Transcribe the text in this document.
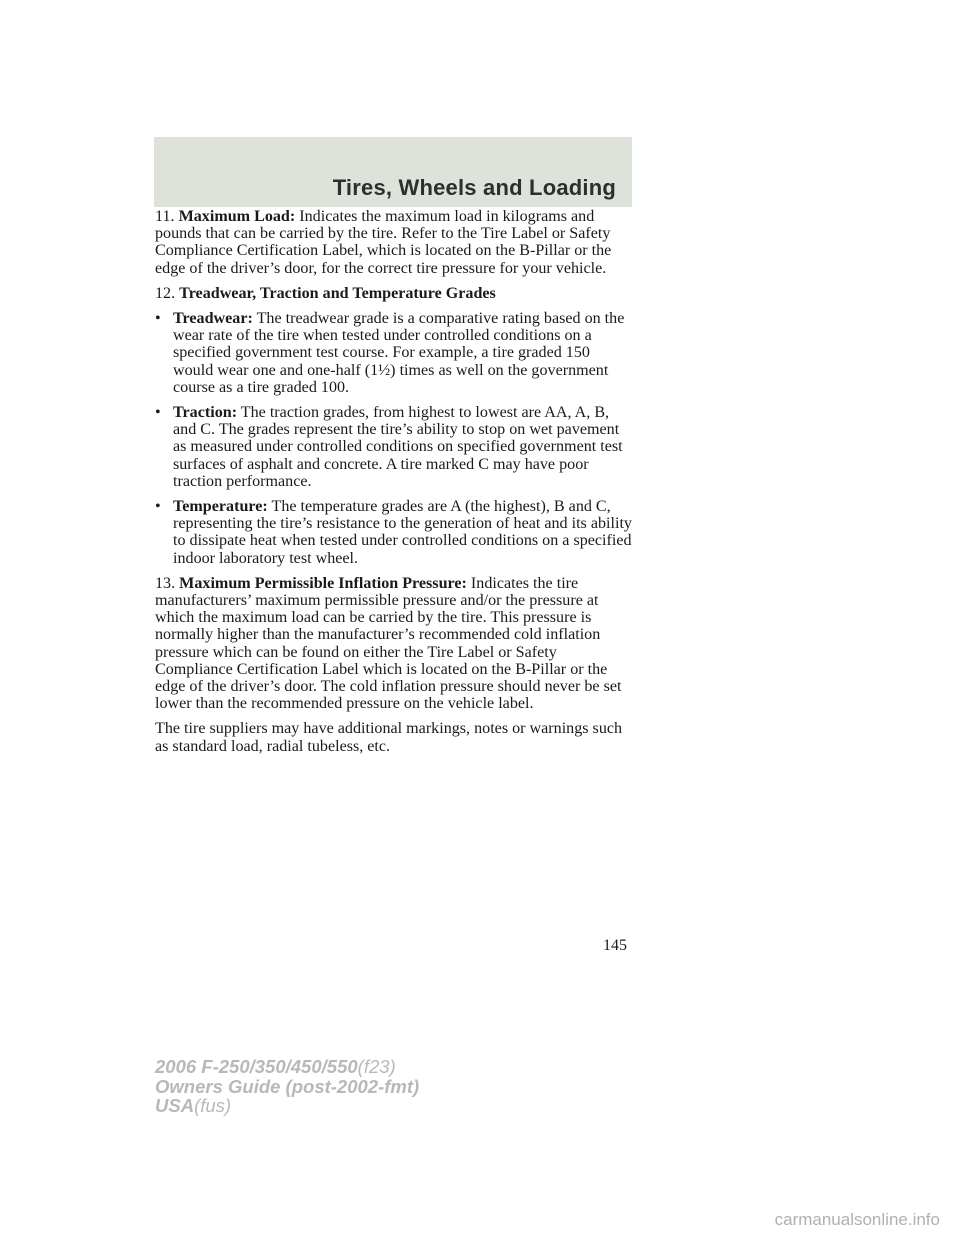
Tires, Wheels and Loading

11. Maximum Load: Indicates the maximum load in kilograms and pounds that can be carried by the tire. Refer to the Tire Label or Safety Compliance Certification Label, which is located on the B-Pillar or the edge of the driver’s door, for the correct tire pressure for your vehicle.

12. Treadwear, Traction and Temperature Grades

• Treadwear: The treadwear grade is a comparative rating based on the wear rate of the tire when tested under controlled conditions on a specified government test course. For example, a tire graded 150 would wear one and one-half (1½) times as well on the government course as a tire graded 100.
• Traction: The traction grades, from highest to lowest are AA, A, B, and C. The grades represent the tire’s ability to stop on wet pavement as measured under controlled conditions on specified government test surfaces of asphalt and concrete. A tire marked C may have poor traction performance.
• Temperature: The temperature grades are A (the highest), B and C, representing the tire’s resistance to the generation of heat and its ability to dissipate heat when tested under controlled conditions on a specified indoor laboratory test wheel.

13. Maximum Permissible Inflation Pressure: Indicates the tire manufacturers’ maximum permissible pressure and/or the pressure at which the maximum load can be carried by the tire. This pressure is normally higher than the manufacturer’s recommended cold inflation pressure which can be found on either the Tire Label or Safety Compliance Certification Label which is located on the B-Pillar or the edge of the driver’s door. The cold inflation pressure should never be set lower than the recommended pressure on the vehicle label.

The tire suppliers may have additional markings, notes or warnings such as standard load, radial tubeless, etc.

145
2006 F-250/350/450/550(f23)
Owners Guide (post-2002-fmt)
USA(fus)
carmanualsonline.info
